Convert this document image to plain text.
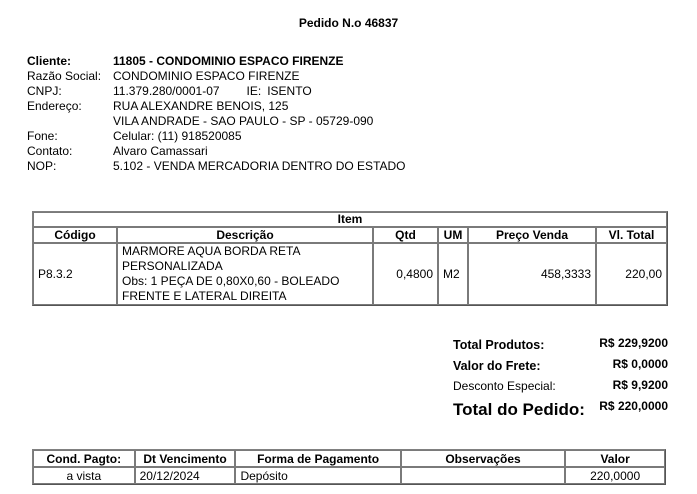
Pedido N.o 46837
Cliente:	11805 - CONDOMINIO ESPACO FIRENZE
Razão Social: CONDOMINIO ESPACO FIRENZE
CNPJ:	11.379.280/0001-07 IE: ISENTO
Endereço:	RUA ALEXANDRE BENOIS, 125
VILA ANDRADE - SAO PAULO - SP - 05729-090
Fone:	Celular: (11) 918520085
Contato:	Alvaro Camassari
NOP:	5.102 - VENDA MERCADORIA DENTRO DO ESTADO
Item					
Código	Descrição	Qtd	UM	Preço Venda	Vl. Total
P8.3.2	MARMORE AQUA BORDA RETA
PERSONALIZADA
Obs: 1 PEÇA DE 0,80X0,60 - BOLEADO
FRENTE E LATERAL DIREITA	0,4800	M2	458,3333	220,00
Total Produtos:	R$ 229,9200
Valor do Frete:	R$ 0,0000
Desconto Especial:	R$ 9,9200
Total do Pedido: R$ 220,0000
Cond. Pagto:	Dt Vencimento	Forma de Pagamento	Observações	Valor
a vista	20/12/2024	Depósito		220,0000
